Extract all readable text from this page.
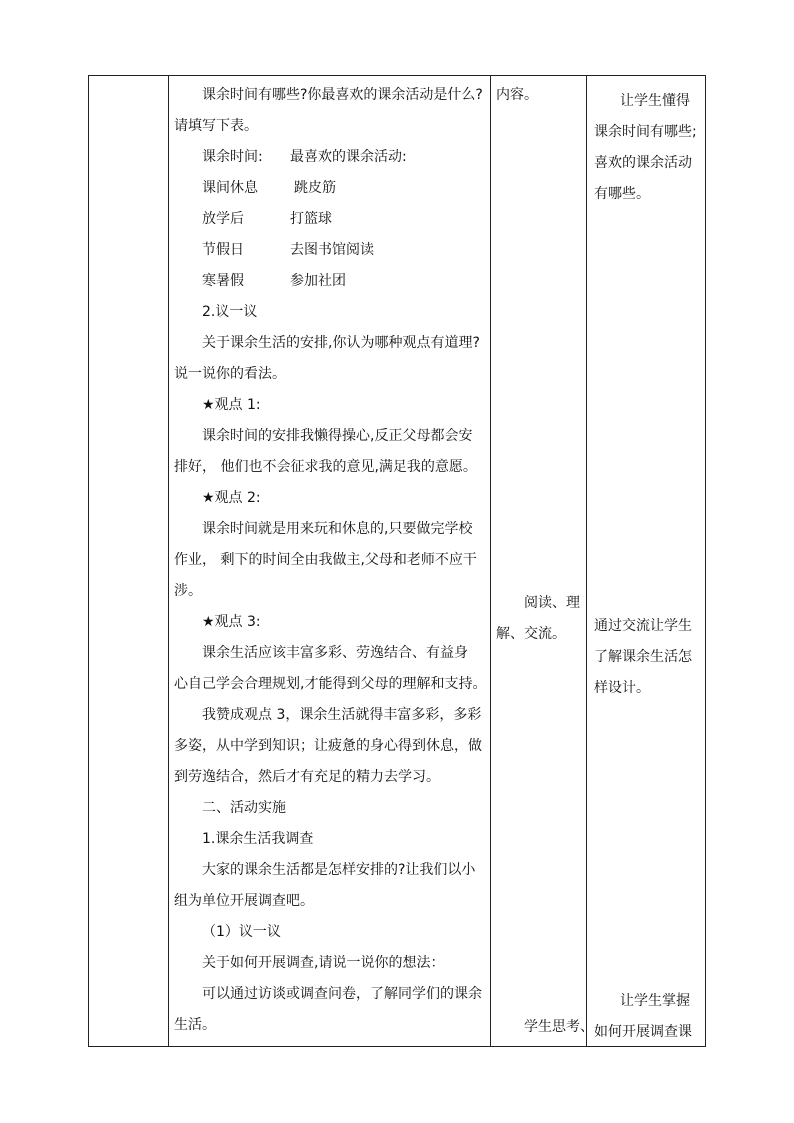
课余时间有哪些?你最喜欢的课余活动是什么?
请填写下表。
课余时间: 最喜欢的课余活动:
课间休息	跳皮筋
放学后	打篮球
节假日	去图书馆阅读
寒暑假	参加社团
2.议一议
关于课余生活的安排,你认为哪种观点有道理?
说一说你的看法。
★观点 1:
课余时间的安排我懒得操心,反正父母都会安
排好， 他们也不会征求我的意见,满足我的意愿。
★观点 2:
课余时间就是用来玩和休息的,只要做完学校
作业， 剩下的时间全由我做主,父母和老师不应干
涉。
★观点 3:
课余生活应该丰富多彩、劳逸结合、有益身
心自己学会合理规划,才能得到父母的理解和支持。
我赞成观点 3，课余生活就得丰富多彩，多彩
多姿，从中学到知识；让疲惫的身心得到休息，做
到劳逸结合，然后才有充足的精力去学习。
二、活动实施
1.课余生活我调查
大家的课余生活都是怎样安排的?让我们以小
组为单位开展调查吧。
（1）议一议
关于如何开展调查,请说一说你的想法：
可以通过访谈或调查问卷，了解同学们的课余
生活。
内容。
阅读、理
解、交流。
学生思考、
让学生懂得
课余时间有哪些;
喜欢的课余活动
有哪些。
通过交流让学生
了解课余生活怎
样设计。
让学生掌握
如何开展调查课
